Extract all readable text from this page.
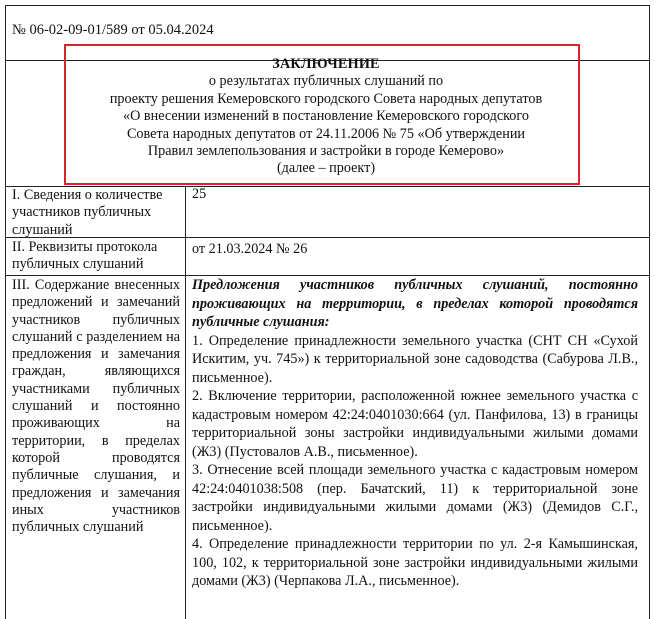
№ 06-02-09-01/589 от 05.04.2024
ЗАКЛЮЧЕНИЕ
о результатах публичных слушаний по
проекту решения Кемеровского городского Совета народных депутатов
«О внесении изменений в постановление Кемеровского городского
Совета народных депутатов от 24.11.2006 № 75 «Об утверждении
Правил землепользования и застройки в городе Кемерово»
(далее – проект)
I. Сведения о количестве участников публичных слушаний
25
II. Реквизиты протокола публичных слушаний
от 21.03.2024 № 26
III. Содержание внесенных предложений и замечаний участников публичных слушаний с разделением на предложения и замечания граждан, являющихся участниками публичных слушаний и постоянно проживающих на территории, в пределах которой проводятся публичные слушания, и предложения и замечания иных участников публичных слушаний
Предложения участников публичных слушаний, постоянно проживающих на территории, в пределах которой проводятся публичные слушания:
1. Определение принадлежности земельного участка (СНТ СН «Сухой Искитим, уч. 745») к территориальной зоне садоводства (Сабурова Л.В., письменное).
2. Включение территории, расположенной южнее земельного участка с кадастровым номером 42:24:0401030:664 (ул. Панфилова, 13) в границы территориальной зоны застройки индивидуальными жилыми домами (Ж3) (Пустовалов А.В., письменное).
3. Отнесение всей площади земельного участка с кадастровым номером 42:24:0401038:508 (пер. Бачатский, 11) к территориальной зоне застройки индивидуальными жилыми домами (Ж3) (Демидов С.Г., письменное).
4. Определение принадлежности территории по ул. 2-я Камышинская, 100, 102, к территориальной зоне застройки индивидуальными жилыми домами (Ж3) (Черпакова Л.А., письменное).
